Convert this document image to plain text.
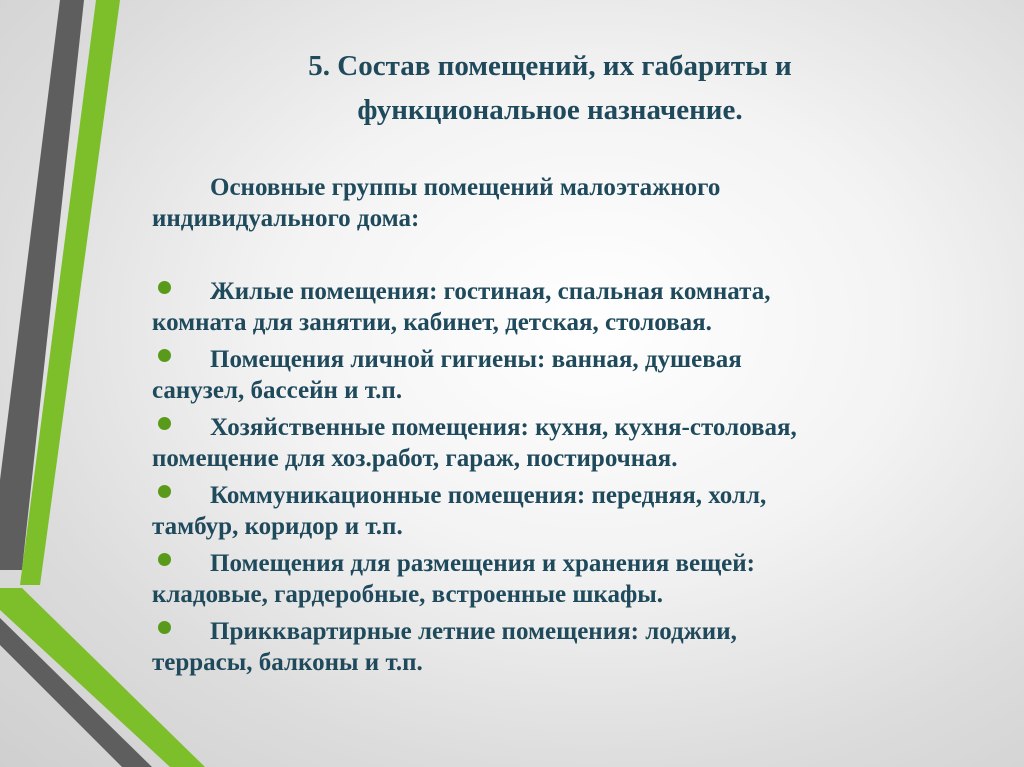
5. Состав помещений, их габариты и
функциональное назначение.
Основные группы помещений малоэтажного
индивидуального дома:
Жилые помещения: гостиная, спальная комната,
комната для занятии, кабинет, детская, столовая.
Помещения личной гигиены: ванная, душевая
санузел, бассейн и т.п.
Хозяйственные помещения: кухня, кухня-столовая,
помещение для хоз.работ, гараж, постирочная.
Коммуникационные помещения: передняя, холл,
тамбур, коридор и т.п.
Помещения для размещения и хранения вещей:
кладовые, гардеробные, встроенные шкафы.
Прикквартирные летние помещения: лоджии,
террасы, балконы и т.п.
